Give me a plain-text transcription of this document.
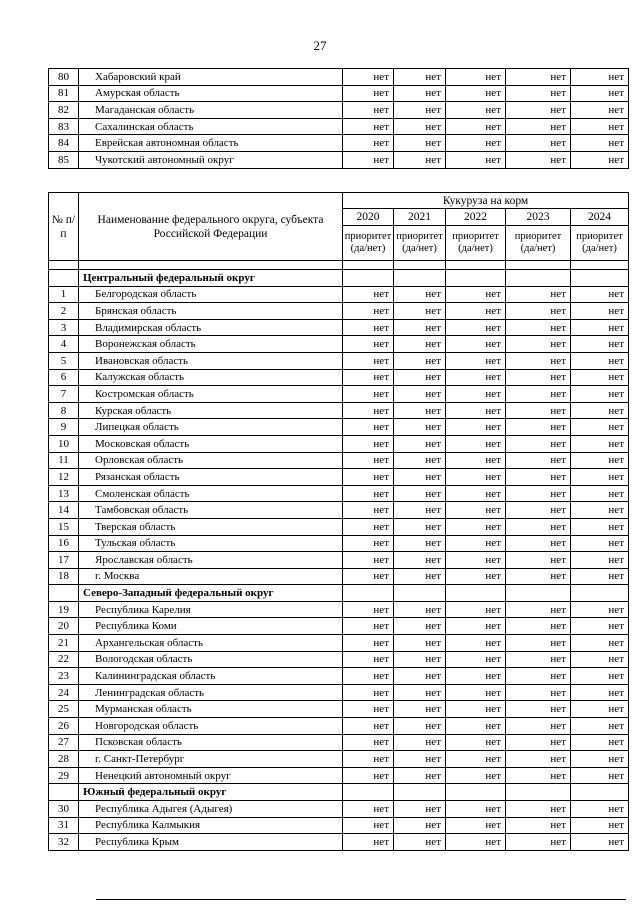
27
80	Хабаровский край	нет	нет	нет	нет	нет
81	Амурская область	нет	нет	нет	нет	нет
82	Магаданская область	нет	нет	нет	нет	нет
83	Сахалинская область	нет	нет	нет	нет	нет
84	Еврейская автономная область	нет	нет	нет	нет	нет
85	Чукотский автономный округ	нет	нет	нет	нет	нет
№ п/п	Наименование федерального округа, субъекта Российской Федерации	Кукуруза на корм				
		2020	2021	2022	2023	2024
		приоритет (да/нет)	приоритет (да/нет)	приоритет (да/нет)	приоритет (да/нет)	приоритет (да/нет)

	Центральный федеральный округ					
1	Белгородская область	нет	нет	нет	нет	нет
2	Брянская область	нет	нет	нет	нет	нет
3	Владимирская область	нет	нет	нет	нет	нет
4	Воронежская область	нет	нет	нет	нет	нет
5	Ивановская область	нет	нет	нет	нет	нет
6	Калужская область	нет	нет	нет	нет	нет
7	Костромская область	нет	нет	нет	нет	нет
8	Курская область	нет	нет	нет	нет	нет
9	Липецкая область	нет	нет	нет	нет	нет
10	Московская область	нет	нет	нет	нет	нет
11	Орловская область	нет	нет	нет	нет	нет
12	Рязанская область	нет	нет	нет	нет	нет
13	Смоленская область	нет	нет	нет	нет	нет
14	Тамбовская область	нет	нет	нет	нет	нет
15	Тверская область	нет	нет	нет	нет	нет
16	Тульская область	нет	нет	нет	нет	нет
17	Ярославская область	нет	нет	нет	нет	нет
18	г. Москва	нет	нет	нет	нет	нет
	Северо-Западный федеральный округ					
19	Республика Карелия	нет	нет	нет	нет	нет
20	Республика Коми	нет	нет	нет	нет	нет
21	Архангельская область	нет	нет	нет	нет	нет
22	Вологодская область	нет	нет	нет	нет	нет
23	Калининградская область	нет	нет	нет	нет	нет
24	Ленинградская область	нет	нет	нет	нет	нет
25	Мурманская область	нет	нет	нет	нет	нет
26	Новгородская область	нет	нет	нет	нет	нет
27	Псковская область	нет	нет	нет	нет	нет
28	г. Санкт-Петербург	нет	нет	нет	нет	нет
29	Ненецкий автономный округ	нет	нет	нет	нет	нет
	Южный федеральный округ					
30	Республика Адыгея (Адыгея)	нет	нет	нет	нет	нет
31	Республика Калмыкия	нет	нет	нет	нет	нет
32	Республика Крым	нет	нет	нет	нет	нет
